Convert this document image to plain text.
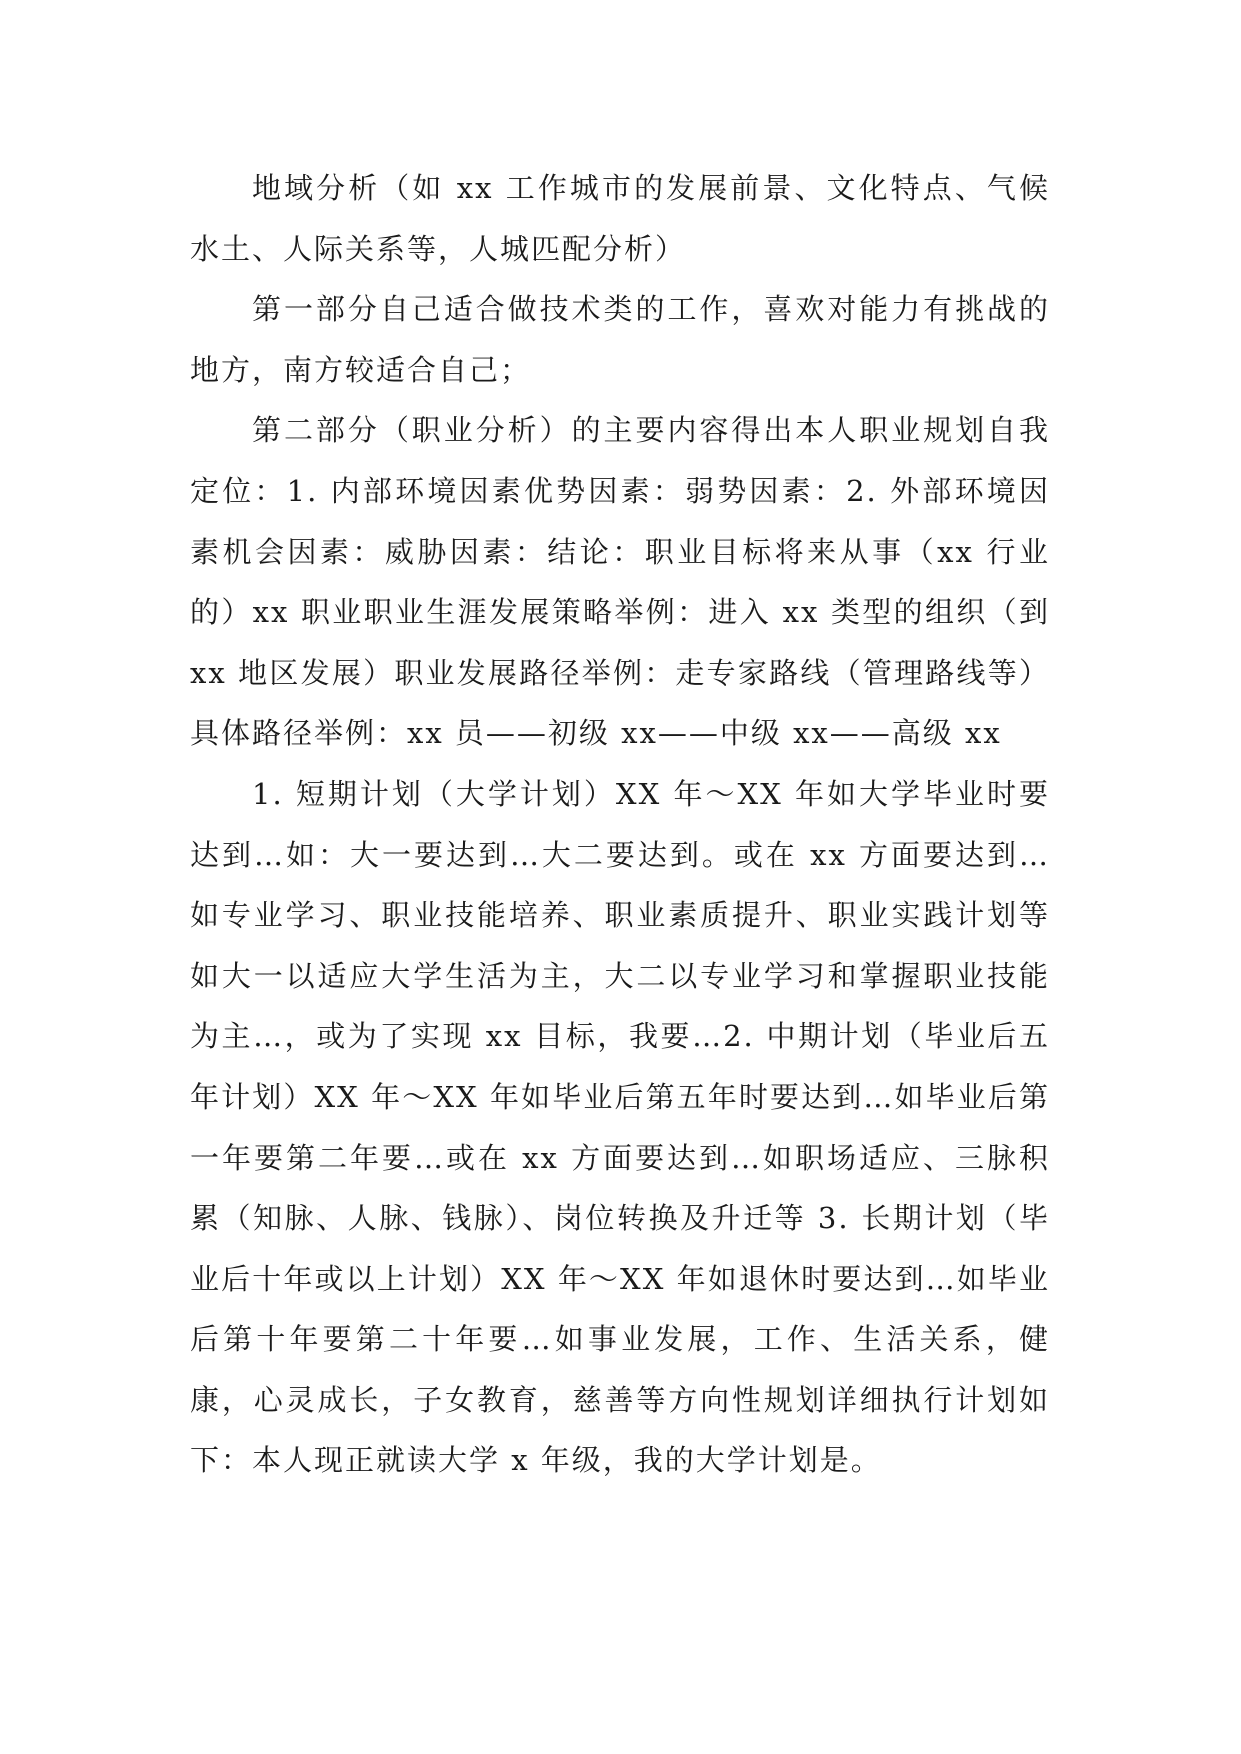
地域分析（如 xx 工作城市的发展前景、文化特点、气候水土、人际关系等，人城匹配分析）

第一部分自己适合做技术类的工作，喜欢对能力有挑战的地方，南方较适合自己；

第二部分（职业分析）的主要内容得出本人职业规划自我定位：1. 内部环境因素优势因素：弱势因素：2. 外部环境因素机会因素：威胁因素：结论：职业目标将来从事（xx 行业的）xx 职业职业生涯发展策略举例：进入 xx 类型的组织（到 xx 地区发展）职业发展路径举例：走专家路线（管理路线等）具体路径举例：xx 员——初级 xx——中级 xx——高级 xx

1. 短期计划（大学计划）XX 年～XX 年如大学毕业时要达到…如：大一要达到…大二要达到。或在 xx 方面要达到…如专业学习、职业技能培养、职业素质提升、职业实践计划等如大一以适应大学生活为主，大二以专业学习和掌握职业技能为主…，或为了实现 xx 目标，我要…2. 中期计划（毕业后五年计划）XX 年～XX 年如毕业后第五年时要达到…如毕业后第一年要第二年要…或在 xx 方面要达到…如职场适应、三脉积累（知脉、人脉、钱脉）、岗位转换及升迁等 3. 长期计划（毕业后十年或以上计划）XX 年～XX 年如退休时要达到…如毕业后第十年要第二十年要…如事业发展，工作、生活关系，健康，心灵成长，子女教育，慈善等方向性规划详细执行计划如下：本人现正就读大学 x 年级，我的大学计划是。
